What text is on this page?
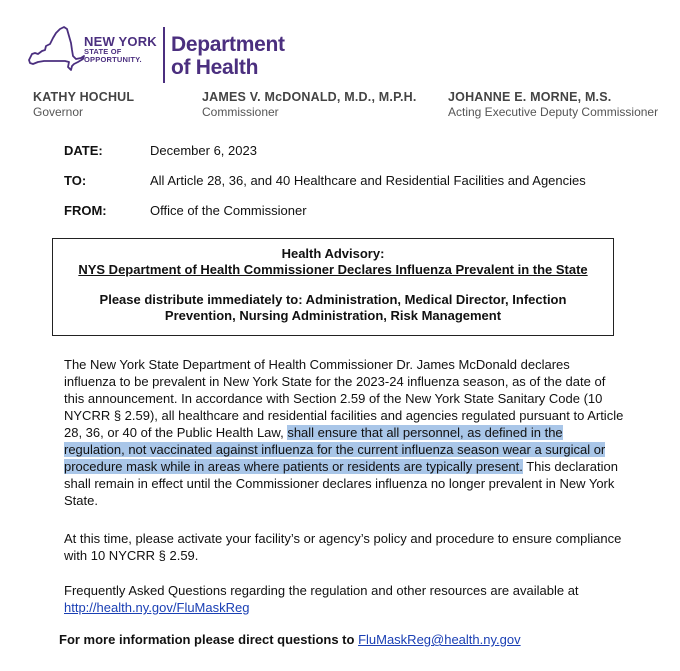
NEW YORK
STATE OF
OPPORTUNITY.
Department
of Health
KATHY HOCHUL
Governor
JAMES V. McDONALD, M.D., M.P.H.
Commissioner
JOHANNE E. MORNE, M.S.
Acting Executive Deputy Commissioner
DATE:	December 6, 2023
TO:	All Article 28, 36, and 40 Healthcare and Residential Facilities and Agencies
FROM:	Office of the Commissioner
Health Advisory:
NYS Department of Health Commissioner Declares Influenza Prevalent in the State
Please distribute immediately to: Administration, Medical Director, Infection Prevention, Nursing Administration, Risk Management
The New York State Department of Health Commissioner Dr. James McDonald declares influenza to be prevalent in New York State for the 2023-24 influenza season, as of the date of this announcement. In accordance with Section 2.59 of the New York State Sanitary Code (10 NYCRR § 2.59), all healthcare and residential facilities and agencies regulated pursuant to Article 28, 36, or 40 of the Public Health Law, shall ensure that all personnel, as defined in the regulation, not vaccinated against influenza for the current influenza season wear a surgical or procedure mask while in areas where patients or residents are typically present. This declaration shall remain in effect until the Commissioner declares influenza no longer prevalent in New York State.
At this time, please activate your facility’s or agency’s policy and procedure to ensure compliance with 10 NYCRR § 2.59.
Frequently Asked Questions regarding the regulation and other resources are available at
http://health.ny.gov/FluMaskReg
For more information please direct questions to FluMaskReg@health.ny.gov
